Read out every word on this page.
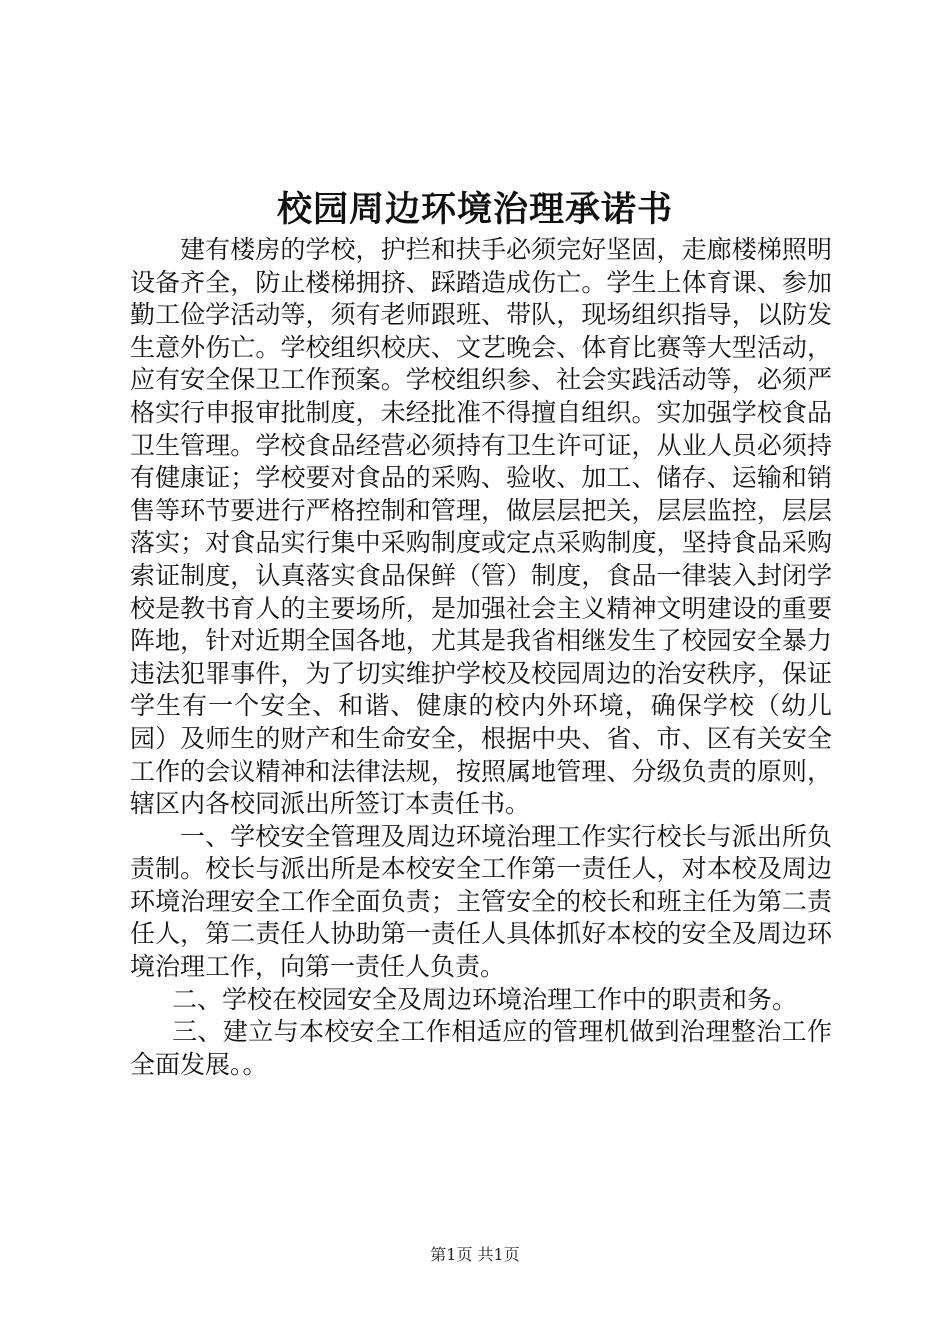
校园周边环境治理承诺书

建有楼房的学校，护拦和扶手必须完好坚固，走廊楼梯照明设备齐全，防止楼梯拥挤、踩踏造成伤亡。学生上体育课、参加勤工俭学活动等，须有老师跟班、带队，现场组织指导，以防发生意外伤亡。学校组织校庆、文艺晚会、体育比赛等大型活动，应有安全保卫工作预案。学校组织参、社会实践活动等，必须严格实行申报审批制度，未经批准不得擅自组织。实加强学校食品卫生管理。学校食品经营必须持有卫生许可证，从业人员必须持有健康证；学校要对食品的采购、验收、加工、储存、运输和销售等环节要进行严格控制和管理，做层层把关，层层监控，层层落实；对食品实行集中采购制度或定点采购制度，坚持食品采购索证制度，认真落实食品保鲜（管）制度，食品一律装入封闭学校是教书育人的主要场所，是加强社会主义精神文明建设的重要阵地，针对近期全国各地，尤其是我省相继发生了校园安全暴力违法犯罪事件，为了切实维护学校及校园周边的治安秩序，保证学生有一个安全、和谐、健康的校内外环境，确保学校（幼儿园）及师生的财产和生命安全，根据中央、省、市、区有关安全工作的会议精神和法律法规，按照属地管理、分级负责的原则，辖区内各校同派出所签订本责任书。

一、学校安全管理及周边环境治理工作实行校长与派出所负责制。校长与派出所是本校安全工作第一责任人，对本校及周边环境治理安全工作全面负责；主管安全的校长和班主任为第二责任人，第二责任人协助第一责任人具体抓好本校的安全及周边环境治理工作，向第一责任人负责。

二、学校在校园安全及周边环境治理工作中的职责和务。

三、建立与本校安全工作相适应的管理机做到治理整治工作全面发展。。

第1页 共1页
